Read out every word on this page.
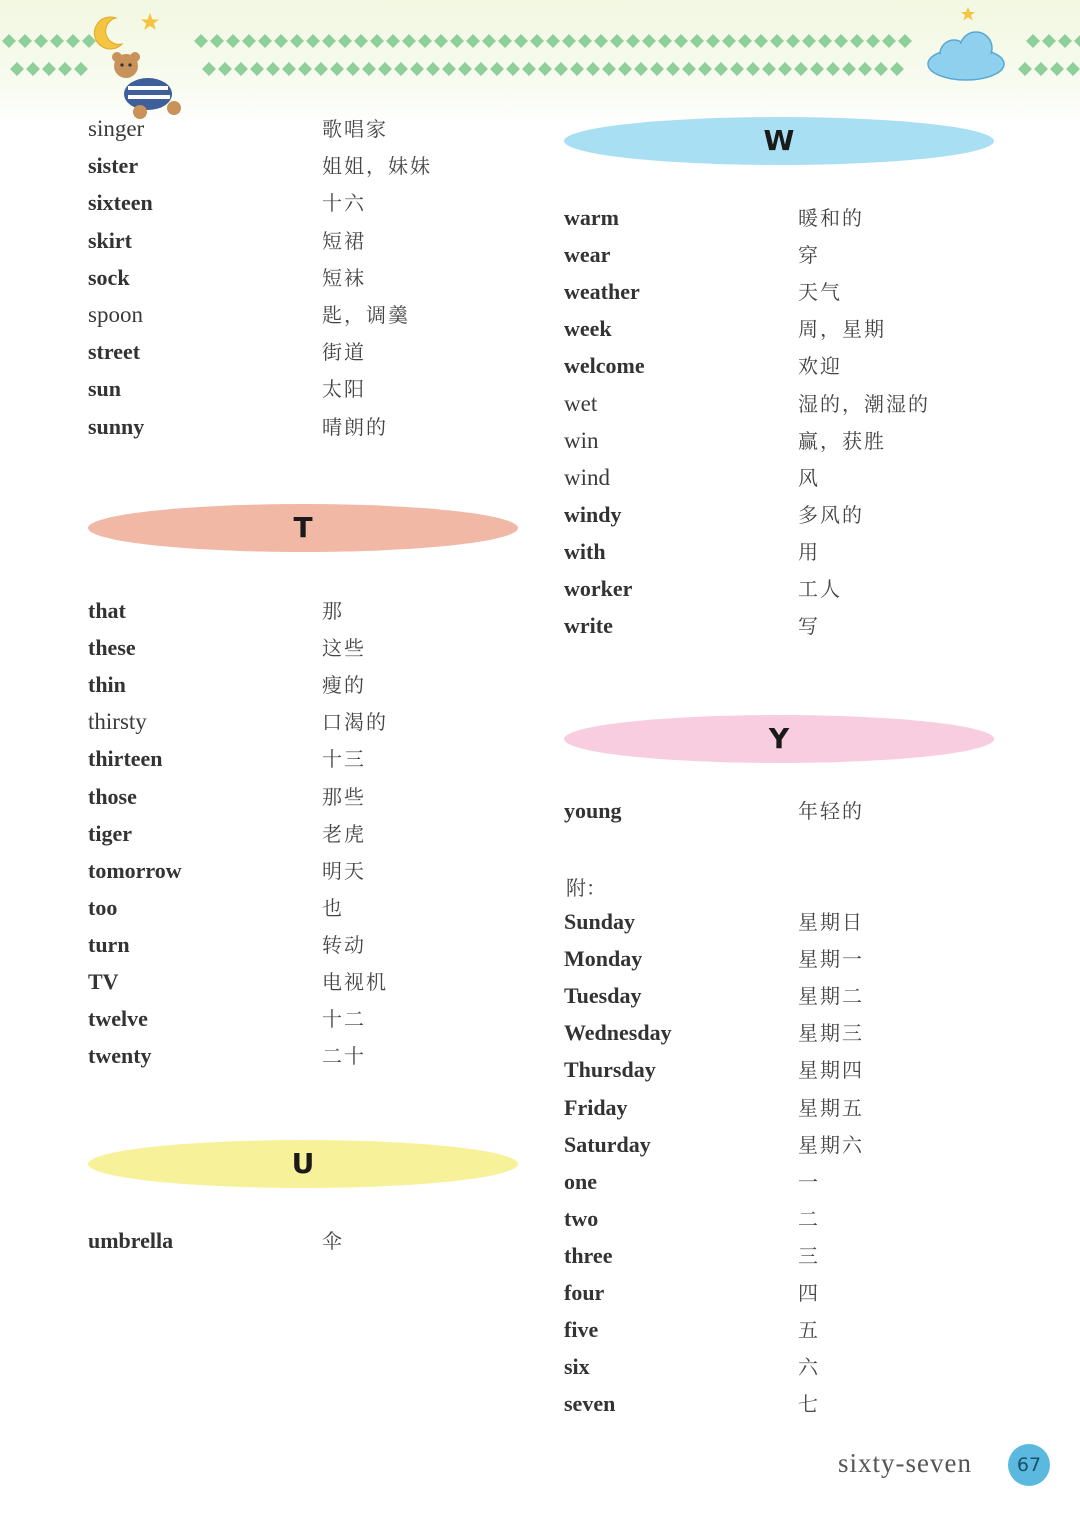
singer	歌唱家
sister	姐姐，妹妹
sixteen	十六
skirt	短裙
sock	短袜
spoon	匙，调羹
street	街道
sun	太阳
sunny	晴朗的
T
that	那
these	这些
thin	瘦的
thirsty	口渴的
thirteen	十三
those	那些
tiger	老虎
tomorrow	明天
too	也
turn	转动
TV	电视机
twelve	十二
twenty	二十
U
umbrella	伞
W
warm	暖和的
wear	穿
weather	天气
week	周，星期
welcome	欢迎
wet	湿的，潮湿的
win	赢，获胜
wind	风
windy	多风的
with	用
worker	工人
write	写
Y
young	年轻的
附：
Sunday	星期日
Monday	星期一
Tuesday	星期二
Wednesday	星期三
Thursday	星期四
Friday	星期五
Saturday	星期六
one	一
two	二
three	三
four	四
five	五
six	六
seven	七
sixty-seven	67
